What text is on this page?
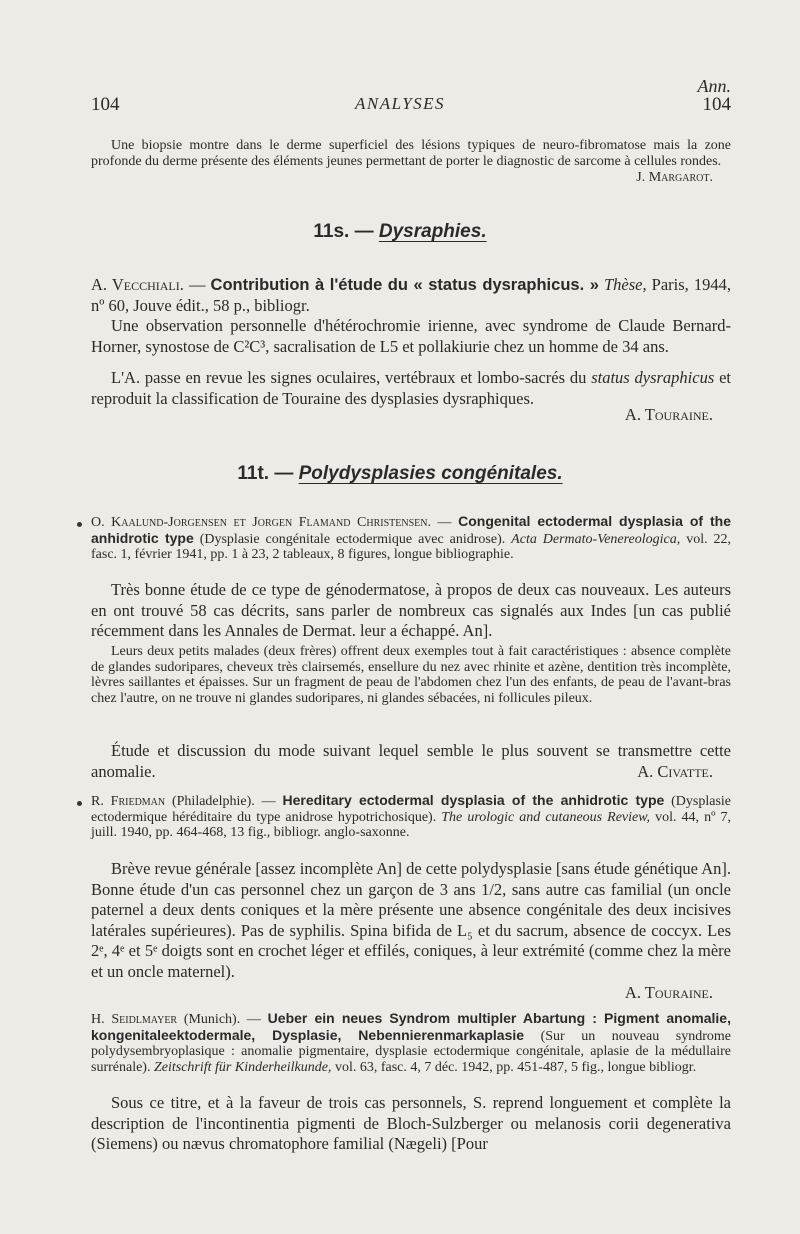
104	ANALYSES
Ann.
104
Une biopsie montre dans le derme superficiel des lésions typiques de neuro-fibromatose mais la zone profonde du derme présente des éléments jeunes permettant de porter le diagnostic de sarcome à cellules rondes.
J. Margarot.
11s. — Dysraphies.
A. Vecchiali. — Contribution à l'étude du « status dysraphicus. » Thèse, Paris, 1944, nº 60, Jouve édit., 58 p., bibliogr.
Une observation personnelle d'hétérochromie irienne, avec syndrome de Claude Bernard-Horner, synostose de C²C³, sacralisation de L5 et pollakiurie chez un homme de 34 ans.
L'A. passe en revue les signes oculaires, vertébraux et lombo-sacrés du status dysraphicus et reproduit la classification de Touraine des dysplasies dysraphiques.
A. Touraine.
11t. — Polydysplasies congénitales.
O. Kaalund-Jorgensen et Jorgen Flamand Christensen. — Congenital ectodermal dysplasia of the anhidrotic type (Dysplasie congénitale ectodermique avec anidrose). Acta Dermato-Venereologica, vol. 22, fasc. 1, février 1941, pp. 1 à 23, 2 tableaux, 8 figures, longue bibliographie.
Très bonne étude de ce type de génodermatose, à propos de deux cas nouveaux. Les auteurs en ont trouvé 58 cas décrits, sans parler de nombreux cas signalés aux Indes [un cas publié récemment dans les Annales de Dermat. leur a échappé. An].
Leurs deux petits malades (deux frères) offrent deux exemples tout à fait caractéristiques : absence complète de glandes sudoripares, cheveux très clairsemés, ensellure du nez avec rhinite et azène, dentition très incomplète, lèvres saillantes et épaisses. Sur un fragment de peau de l'abdomen chez l'un des enfants, de peau de l'avant-bras chez l'autre, on ne trouve ni glandes sudoripares, ni glandes sébacées, ni follicules pileux.
Étude et discussion du mode suivant lequel semble le plus souvent se transmettre cette anomalie.	A. Civatte.
R. Friedman (Philadelphie). — Hereditary ectodermal dysplasia of the anhidrotic type (Dysplasie ectodermique héréditaire du type anidrose hypotrichosique). The urologic and cutaneous Review, vol. 44, nº 7, juill. 1940, pp. 464-468, 13 fig., bibliogr. anglo-saxonne.
Brève revue générale [assez incomplète An] de cette polydysplasie [sans étude génétique An]. Bonne étude d'un cas personnel chez un garçon de 3 ans 1/2, sans autre cas familial (un oncle paternel a deux dents coniques et la mère présente une absence congénitale des deux incisives latérales supérieures). Pas de syphilis. Spina bifida de L₅ et du sacrum, absence de coccyx. Les 2ᵉ, 4ᵉ et 5ᵉ doigts sont en crochet léger et effilés, coniques, à leur extrémité (comme chez la mère et un oncle maternel).
A. Touraine.
H. Seidlmayer (Munich). — Ueber ein neues Syndrom multipler Abartung : Pigment anomalie, kongenitaleektodermale, Dysplasie, Nebennierenmarkaplasie (Sur un nouveau syndrome polydysembryoplasique : anomalie pigmentaire, dysplasie ectodermique congénitale, aplasie de la médullaire surrénale). Zeitschrift für Kinderheilkunde, vol. 63, fasc. 4, 7 déc. 1942, pp. 451-487, 5 fig., longue bibliogr.
Sous ce titre, et à la faveur de trois cas personnels, S. reprend longuement et complète la description de l'incontinentia pigmenti de Bloch-Sulzberger ou melanosis corii degenerativa (Siemens) ou nævus chromatophore familial (Nægeli) [Pour
